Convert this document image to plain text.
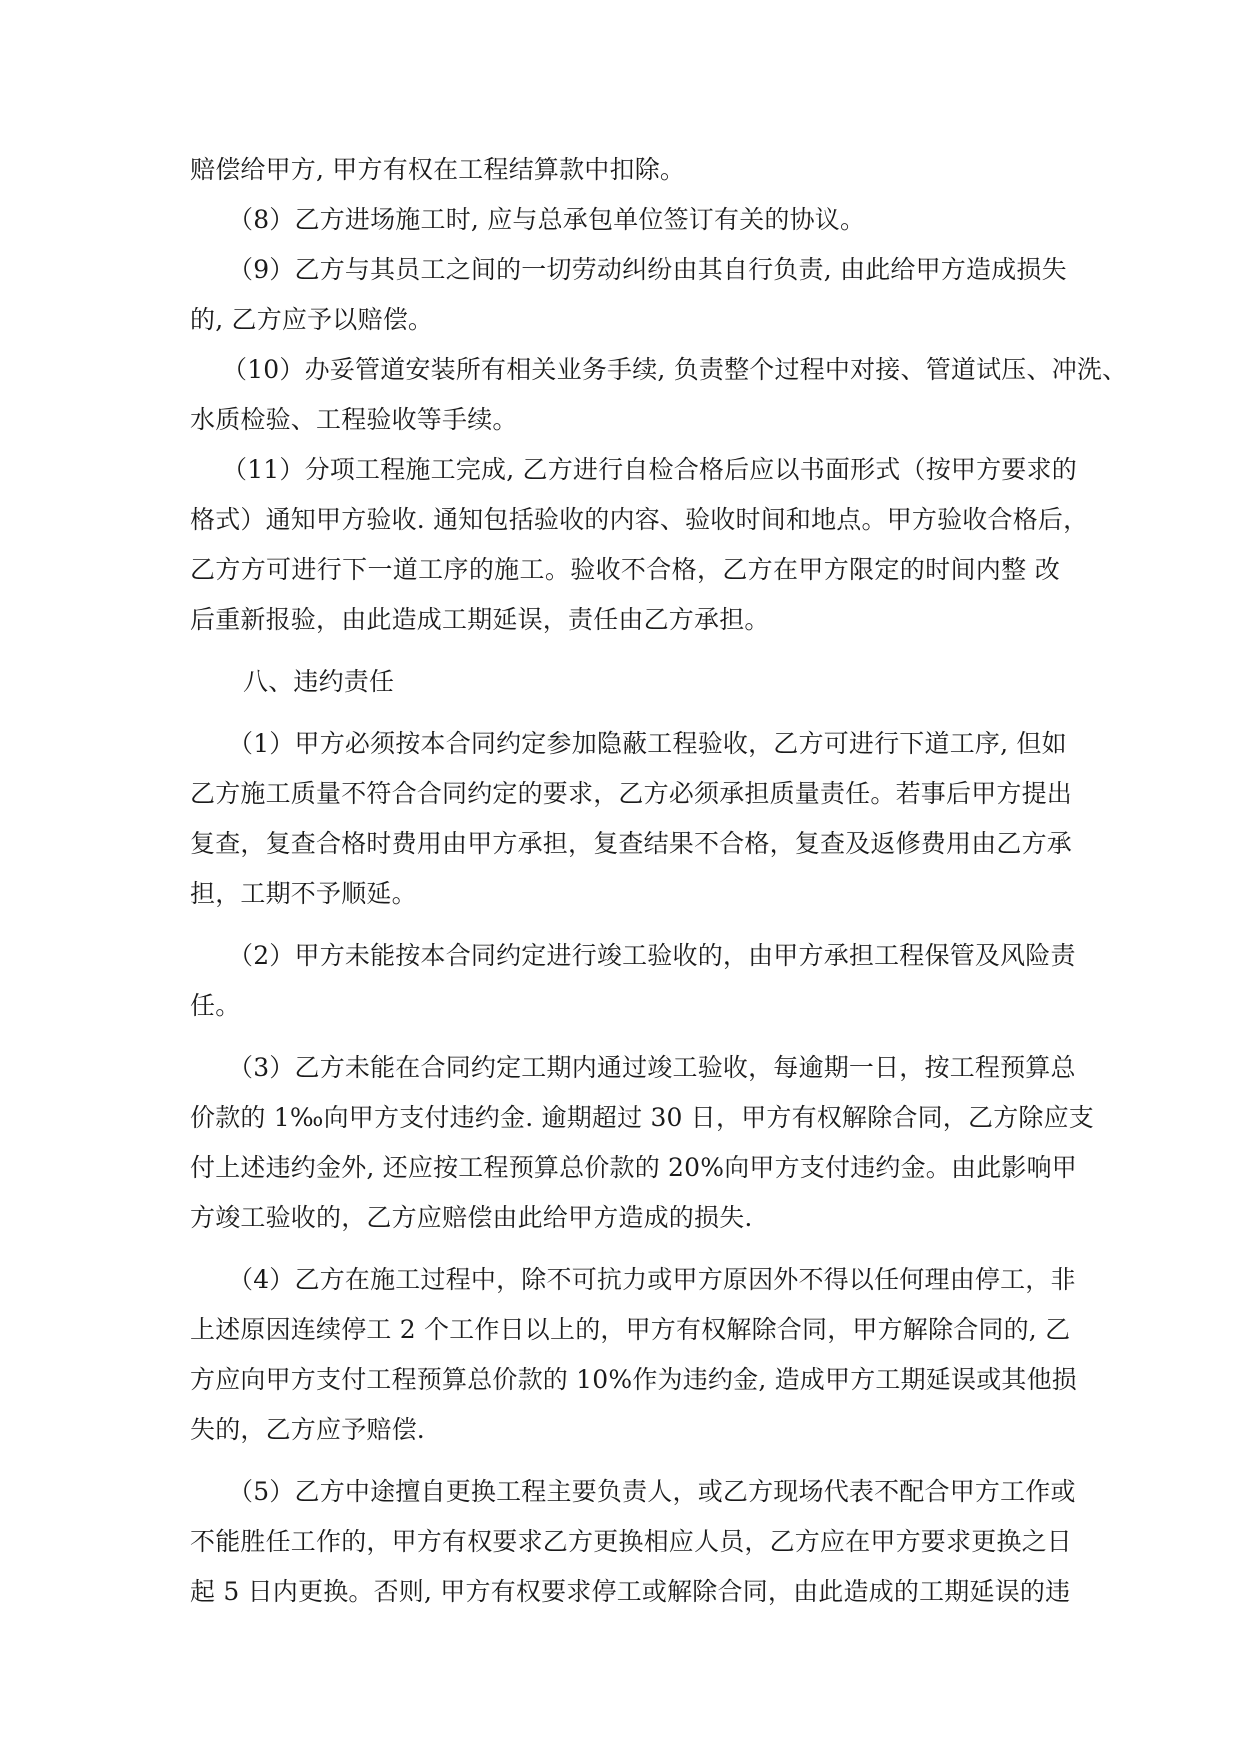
赔偿给甲方, 甲方有权在工程结算款中扣除。
（8）乙方进场施工时, 应与总承包单位签订有关的协议。
（9）乙方与其员工之间的一切劳动纠纷由其自行负责, 由此给甲方造成损失
的, 乙方应予以赔偿。
（10）办妥管道安装所有相关业务手续, 负责整个过程中对接、管道试压、冲洗、
水质检验、工程验收等手续。
（11）分项工程施工完成, 乙方进行自检合格后应以书面形式（按甲方要求的
格式）通知甲方验收. 通知包括验收的内容、验收时间和地点。甲方验收合格后，
乙方方可进行下一道工序的施工。验收不合格，乙方在甲方限定的时间内整 改
后重新报验，由此造成工期延误，责任由乙方承担。
八、违约责任
（1）甲方必须按本合同约定参加隐蔽工程验收，乙方可进行下道工序, 但如
乙方施工质量不符合合同约定的要求，乙方必须承担质量责任。若事后甲方提出
复查，复查合格时费用由甲方承担，复查结果不合格，复查及返修费用由乙方承
担，工期不予顺延。
（2）甲方未能按本合同约定进行竣工验收的，由甲方承担工程保管及风险责
任。
（3）乙方未能在合同约定工期内通过竣工验收，每逾期一日，按工程预算总
价款的 1‰向甲方支付违约金. 逾期超过 30 日，甲方有权解除合同，乙方除应支
付上述违约金外, 还应按工程预算总价款的 20%向甲方支付违约金。由此影响甲
方竣工验收的，乙方应赔偿由此给甲方造成的损失.
（4）乙方在施工过程中，除不可抗力或甲方原因外不得以任何理由停工，非
上述原因连续停工 2 个工作日以上的，甲方有权解除合同，甲方解除合同的, 乙
方应向甲方支付工程预算总价款的 10%作为违约金, 造成甲方工期延误或其他损
失的，乙方应予赔偿.
（5）乙方中途擅自更换工程主要负责人，或乙方现场代表不配合甲方工作或
不能胜任工作的，甲方有权要求乙方更换相应人员，乙方应在甲方要求更换之日
起 5 日内更换。否则, 甲方有权要求停工或解除合同，由此造成的工期延误的违
